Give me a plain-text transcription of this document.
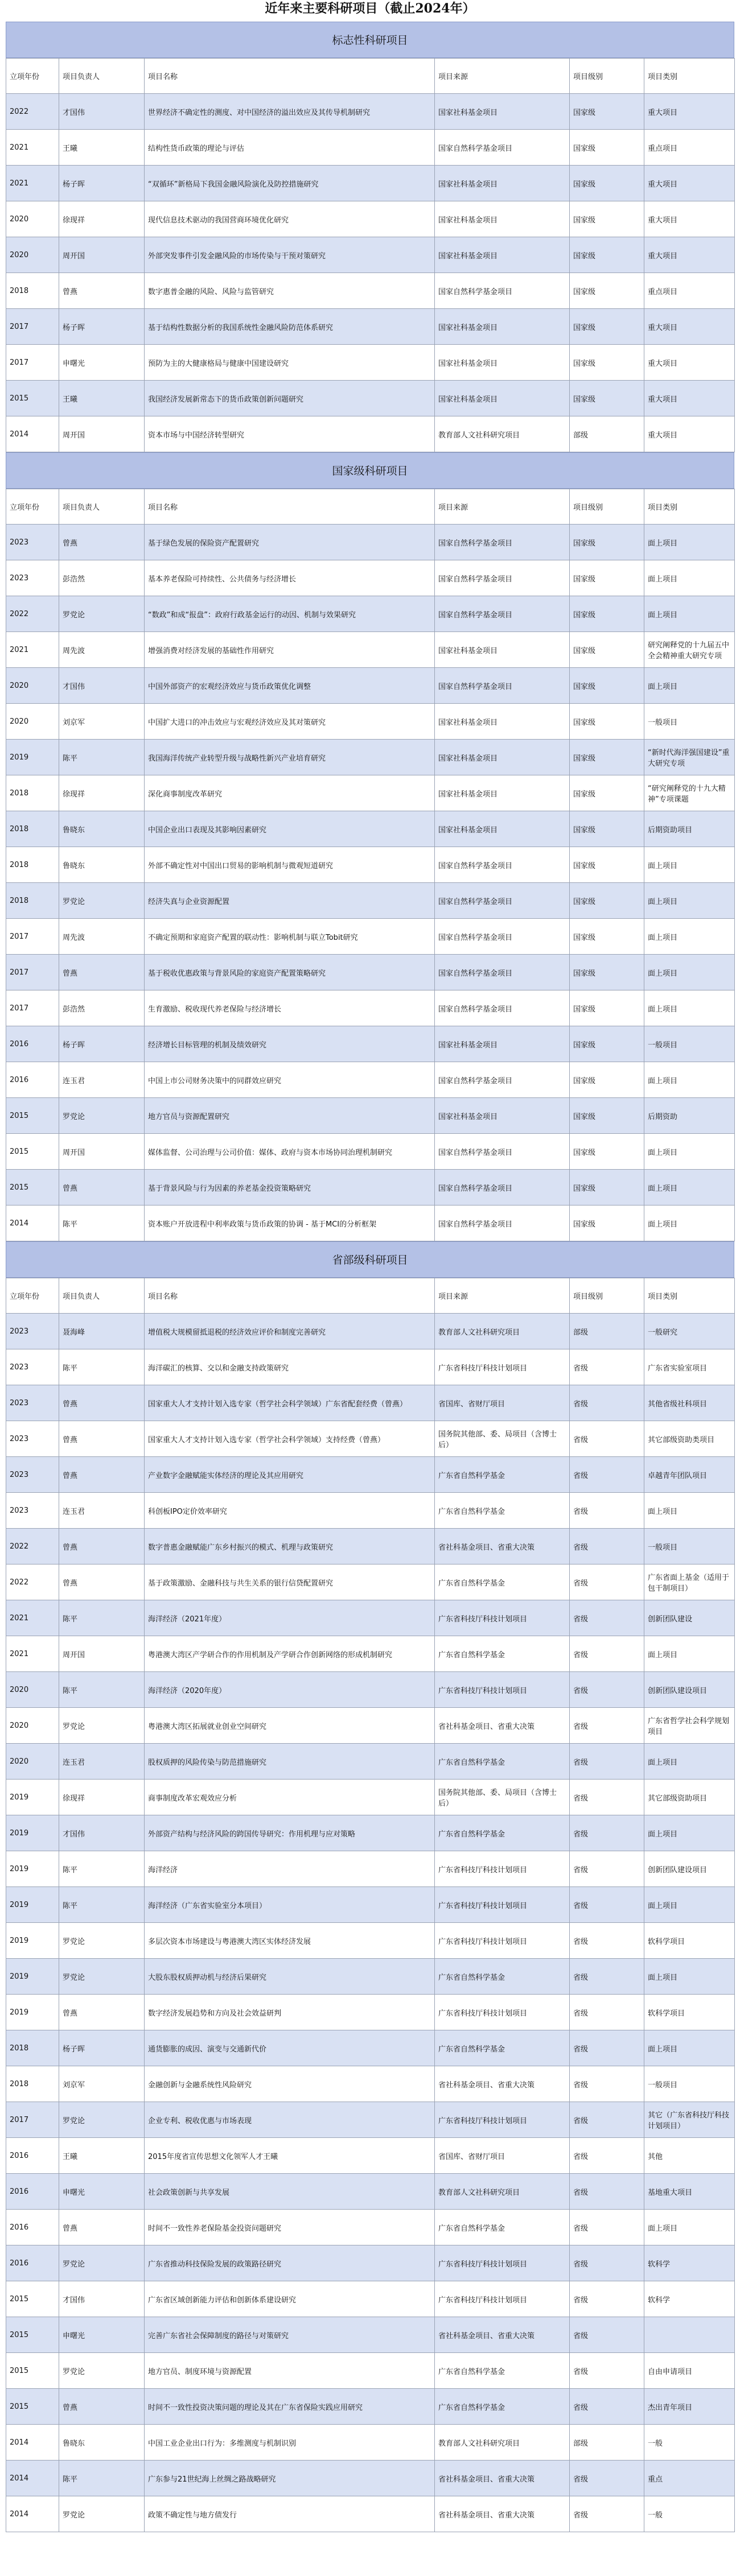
近年来主要科研项目（截止2024年）
标志性科研项目
立项年份	项目负责人	项目名称	项目来源	项目级别	项目类别
2022	才国伟	世界经济不确定性的测度、对中国经济的溢出效应及其传导机制研究	国家社科基金项目	国家级	重大项目
2021	王曦	结构性货币政策的理论与评估	国家自然科学基金项目	国家级	重点项目
2021	杨子晖	“双循环”新格局下我国金融风险演化及防控措施研究	国家社科基金项目	国家级	重大项目
2020	徐现祥	现代信息技术驱动的我国营商环境优化研究	国家社科基金项目	国家级	重大项目
2020	周开国	外部突发事件引发金融风险的市场传染与干预对策研究	国家社科基金项目	国家级	重大项目
2018	曾燕	数字惠普金融的风险、风险与监管研究	国家自然科学基金项目	国家级	重点项目
2017	杨子晖	基于结构性数据分析的我国系统性金融风险防范体系研究	国家社科基金项目	国家级	重大项目
2017	申曙光	预防为主的大健康格局与健康中国建设研究	国家社科基金项目	国家级	重大项目
2015	王曦	我国经济发展新常态下的货币政策创新问题研究	国家社科基金项目	国家级	重大项目
2014	周开国	资本市场与中国经济转型研究	教育部人文社科研究项目	部级	重大项目
国家级科研项目
立项年份	项目负责人	项目名称	项目来源	项目级别	项目类别
2023	曾燕	基于绿色发展的保险资产配置研究	国家自然科学基金项目	国家级	面上项目
2023	彭浩然	基本养老保险可持续性、公共债务与经济增长	国家自然科学基金项目	国家级	面上项目
2022	罗党论	“数政”和成“报盘”：政府行政基金运行的动因、机制与效果研究	国家自然科学基金项目	国家级	面上项目
2021	周先波	增强消费对经济发展的基础性作用研究	国家社科基金项目	国家级	研究阐释党的十九届五中全会精神重大研究专项
2020	才国伟	中国外部资产的宏观经济效应与货币政策优化调整	国家自然科学基金项目	国家级	面上项目
2020	刘京军	中国扩大进口的冲击效应与宏观经济效应及其对策研究	国家社科基金项目	国家级	一般项目
2019	陈平	我国海洋传统产业转型升级与战略性新兴产业培育研究	国家社科基金项目	国家级	“新时代海洋强国建设”重大研究专项
2018	徐现祥	深化商事制度改革研究	国家社科基金项目	国家级	“研究阐释党的十九大精神”专项课题
2018	鲁晓东	中国企业出口表现及其影响因素研究	国家社科基金项目	国家级	后期资助项目
2018	鲁晓东	外部不确定性对中国出口贸易的影响机制与微观短道研究	国家自然科学基金项目	国家级	面上项目
2018	罗党论	经济失真与企业资源配置	国家自然科学基金项目	国家级	面上项目
2017	周先波	不确定预期和家庭资产配置的联动性：影响机制与联立Tobit研究	国家自然科学基金项目	国家级	面上项目
2017	曾燕	基于税收优惠政策与背景风险的家庭资产配置策略研究	国家自然科学基金项目	国家级	面上项目
2017	彭浩然	生育激励、税收现代养老保险与经济增长	国家自然科学基金项目	国家级	面上项目
2016	杨子晖	经济增长目标管理的机制及绩效研究	国家社科基金项目	国家级	一般项目
2016	连玉君	中国上市公司财务决策中的同群效应研究	国家自然科学基金项目	国家级	面上项目
2015	罗党论	地方官员与资源配置研究	国家社科基金项目	国家级	后期资助
2015	周开国	媒体监督、公司治理与公司价值：媒体、政府与资本市场协同治理机制研究	国家自然科学基金项目	国家级	面上项目
2015	曾燕	基于背景风险与行为因素的养老基金投资策略研究	国家自然科学基金项目	国家级	面上项目
2014	陈平	资本账户开放进程中利率政策与货币政策的协调 - 基于MCI的分析框架	国家自然科学基金项目	国家级	面上项目
省部级科研项目
立项年份	项目负责人	项目名称	项目来源	项目级别	项目类别
2023	聂海峰	增值税大规模留抵退税的经济效应评价和制度完善研究	教育部人文社科研究项目	部级	一般研究
2023	陈平	海洋碳汇的核算、交以和金融支持政策研究	广东省科技厅科技计划项目	省级	广东省实验室项目
2023	曾燕	国家重大人才支持计划入选专家（哲学社会科学领域）广东省配套经费（曾燕）	省国库、省财厅项目	省级	其他省级社科项目
2023	曾燕	国家重大人才支持计划入选专家（哲学社会科学领域）支持经费（曾燕）	国务院其他部、委、局项目（含博士后）	省级	其它部级资助类项目
2023	曾燕	产业数字金融赋能实体经济的理论及其应用研究	广东省自然科学基金	省级	卓越青年团队项目
2023	连玉君	科创板IPO定价效率研究	广东省自然科学基金	省级	面上项目
2022	曾燕	数字普惠金融赋能广东乡村振兴的模式、机理与政策研究	省社科基金项目、省重大决策	省级	一般项目
2022	曾燕	基于政策激励、金融科技与共生关系的银行信贷配置研究	广东省自然科学基金	省级	广东省面上基金（适用于包干制项目）
2021	陈平	海洋经济（2021年度）	广东省科技厅科技计划项目	省级	创新团队建设
2021	周开国	粤港澳大湾区产学研合作的作用机制及产学研合作创新网络的形成机制研究	广东省自然科学基金	省级	面上项目
2020	陈平	海洋经济（2020年度）	广东省科技厅科技计划项目	省级	创新团队建设项目
2020	罗党论	粤港澳大湾区拓展就业创业空间研究	省社科基金项目、省重大决策	省级	广东省哲学社会科学规划项目
2020	连玉君	股权质押的风险传染与防范措施研究	广东省自然科学基金	省级	面上项目
2019	徐现祥	商事制度改革宏观效应分析	国务院其他部、委、局项目（含博士后）	省级	其它部级资助项目
2019	才国伟	外部资产结构与经济风险的跨国传导研究：作用机理与应对策略	广东省自然科学基金	省级	面上项目
2019	陈平	海洋经济	广东省科技厅科技计划项目	省级	创新团队建设项目
2019	陈平	海洋经济（广东省实验室分本项目）	广东省科技厅科技计划项目	省级	面上项目
2019	罗党论	多层次资本市场建设与粤港澳大湾区实体经济发展	广东省科技厅科技计划项目	省级	软科学项目
2019	罗党论	大股东股权质押动机与经济后果研究	广东省自然科学基金	省级	面上项目
2019	曾燕	数字经济发展趋势和方向及社会效益研判	广东省科技厅科技计划项目	省级	软科学项目
2018	杨子晖	通货膨胀的成因、演变与交通新代价	广东省自然科学基金	省级	面上项目
2018	刘京军	金融创新与金融系统性风险研究	省社科基金项目、省重大决策	省级	一般项目
2017	罗党论	企业专利、税收优惠与市场表现	广东省科技厅科技计划项目	省级	其它（广东省科技厅科技计划项目）
2016	王曦	2015年度省宣传思想文化领军人才王曦	省国库、省财厅项目	省级	其他
2016	申曙光	社会政策创新与共享发展	教育部人文社科研究项目	省级	基地重大项目
2016	曾燕	时间不一致性养老保险基金投资问题研究	广东省自然科学基金	省级	面上项目
2016	罗党论	广东省推动科技保险发展的政策路径研究	广东省科技厅科技计划项目	省级	软科学
2015	才国伟	广东省区域创新能力评估和创新体系建设研究	广东省科技厅科技计划项目	省级	软科学
2015	申曙光	完善广东省社会保障制度的路径与对策研究	省社科基金项目、省重大决策	省级	
2015	罗党论	地方官员、制度环境与资源配置	广东省自然科学基金	省级	自由申请项目
2015	曾燕	时间不一致性投资决策问题的理论及其在广东省保险实践应用研究	广东省自然科学基金	省级	杰出青年项目
2014	鲁晓东	中国工业企业出口行为：多维测度与机制识别	教育部人文社科研究项目	部级	一般
2014	陈平	广东参与21世纪海上丝绸之路战略研究	省社科基金项目、省重大决策	省级	重点
2014	罗党论	政策不确定性与地方债发行	省社科基金项目、省重大决策	省级	一般
